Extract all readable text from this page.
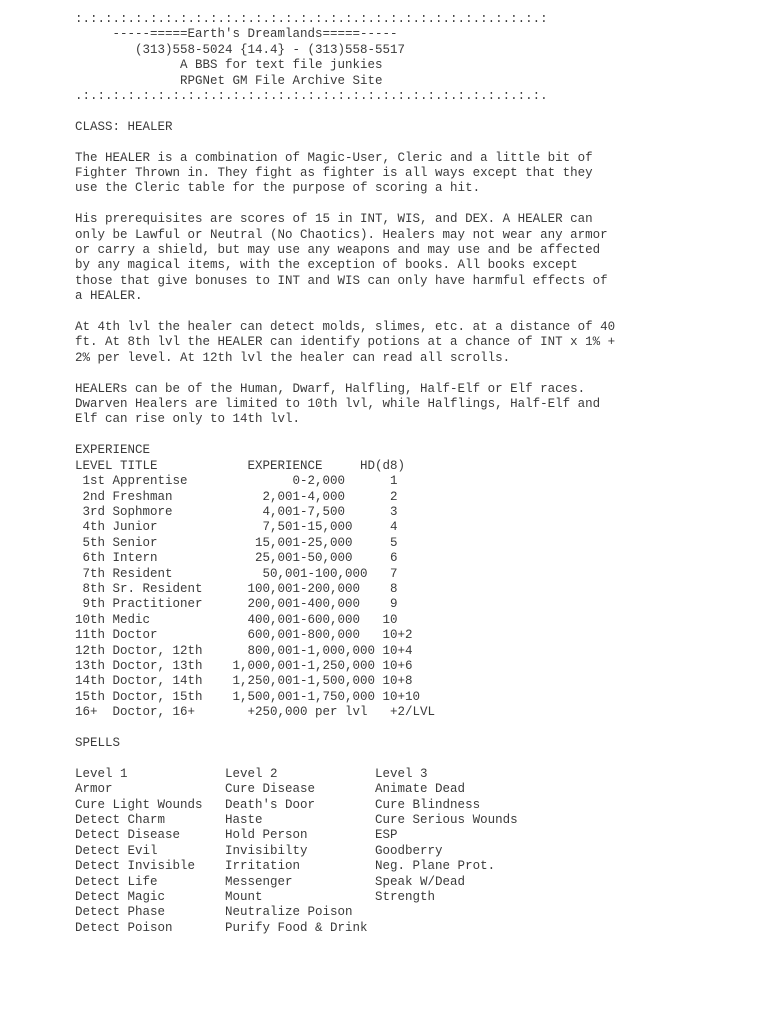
:.:.:.:.:.:.:.:.:.:.:.:.:.:.:.:.:.:.:.:.:.:.:.:.:.:.:.:.:.:.:.:
-----=====Earth's Dreamlands=====-----
(313)558-5024 {14.4} - (313)558-5517
A BBS for text file junkies
RPGNet GM File Archive Site
.:.:.:.:.:.:.:.:.:.:.:.:.:.:.:.:.:.:.:.:.:.:.:.:.:.:.:.:.:.:.:.
CLASS: HEALER
The HEALER is a combination of Magic-User, Cleric and a little bit of
Fighter Thrown in. They fight as fighter is all ways except that they
use the Cleric table for the purpose of scoring a hit.
His prerequisites are scores of 15 in INT, WIS, and DEX. A HEALER can
only be Lawful or Neutral (No Chaotics). Healers may not wear any armor
or carry a shield, but may use any weapons and may use and be affected
by any magical items, with the exception of books. All books except
those that give bonuses to INT and WIS can only have harmful effects of
a HEALER.
At 4th lvl the healer can detect molds, slimes, etc. at a distance of 40
ft. At 8th lvl the HEALER can identify potions at a chance of INT x 1% +
2% per level. At 12th lvl the healer can read all scrolls.
HEALERs can be of the Human, Dwarf, Halfling, Half-Elf or Elf races.
Dwarven Healers are limited to 10th lvl, while Halflings, Half-Elf and
Elf can rise only to 14th lvl.
EXPERIENCE
LEVEL TITLE            EXPERIENCE     HD(d8)
1st Apprentise              0-2,000      1
2nd Freshman            2,001-4,000      2
3rd Sophmore            4,001-7,500      3
4th Junior              7,501-15,000     4
5th Senior             15,001-25,000     5
6th Intern             25,001-50,000     6
7th Resident            50,001-100,000   7
8th Sr. Resident      100,001-200,000    8
9th Practitioner      200,001-400,000    9
10th Medic             400,001-600,000   10
11th Doctor            600,001-800,000   10+2
12th Doctor, 12th      800,001-1,000,000 10+4
13th Doctor, 13th    1,000,001-1,250,000 10+6
14th Doctor, 14th    1,250,001-1,500,000 10+8
15th Doctor, 15th    1,500,001-1,750,000 10+10
16+  Doctor, 16+       +250,000 per lvl   +2/LVL
SPELLS
Level 1             Level 2             Level 3
Armor               Cure Disease        Animate Dead
Cure Light Wounds   Death's Door        Cure Blindness
Detect Charm        Haste               Cure Serious Wounds
Detect Disease      Hold Person         ESP
Detect Evil         Invisibilty         Goodberry
Detect Invisible    Irritation          Neg. Plane Prot.
Detect Life         Messenger           Speak W/Dead
Detect Magic        Mount               Strength
Detect Phase        Neutralize Poison
Detect Poison       Purify Food & Drink
